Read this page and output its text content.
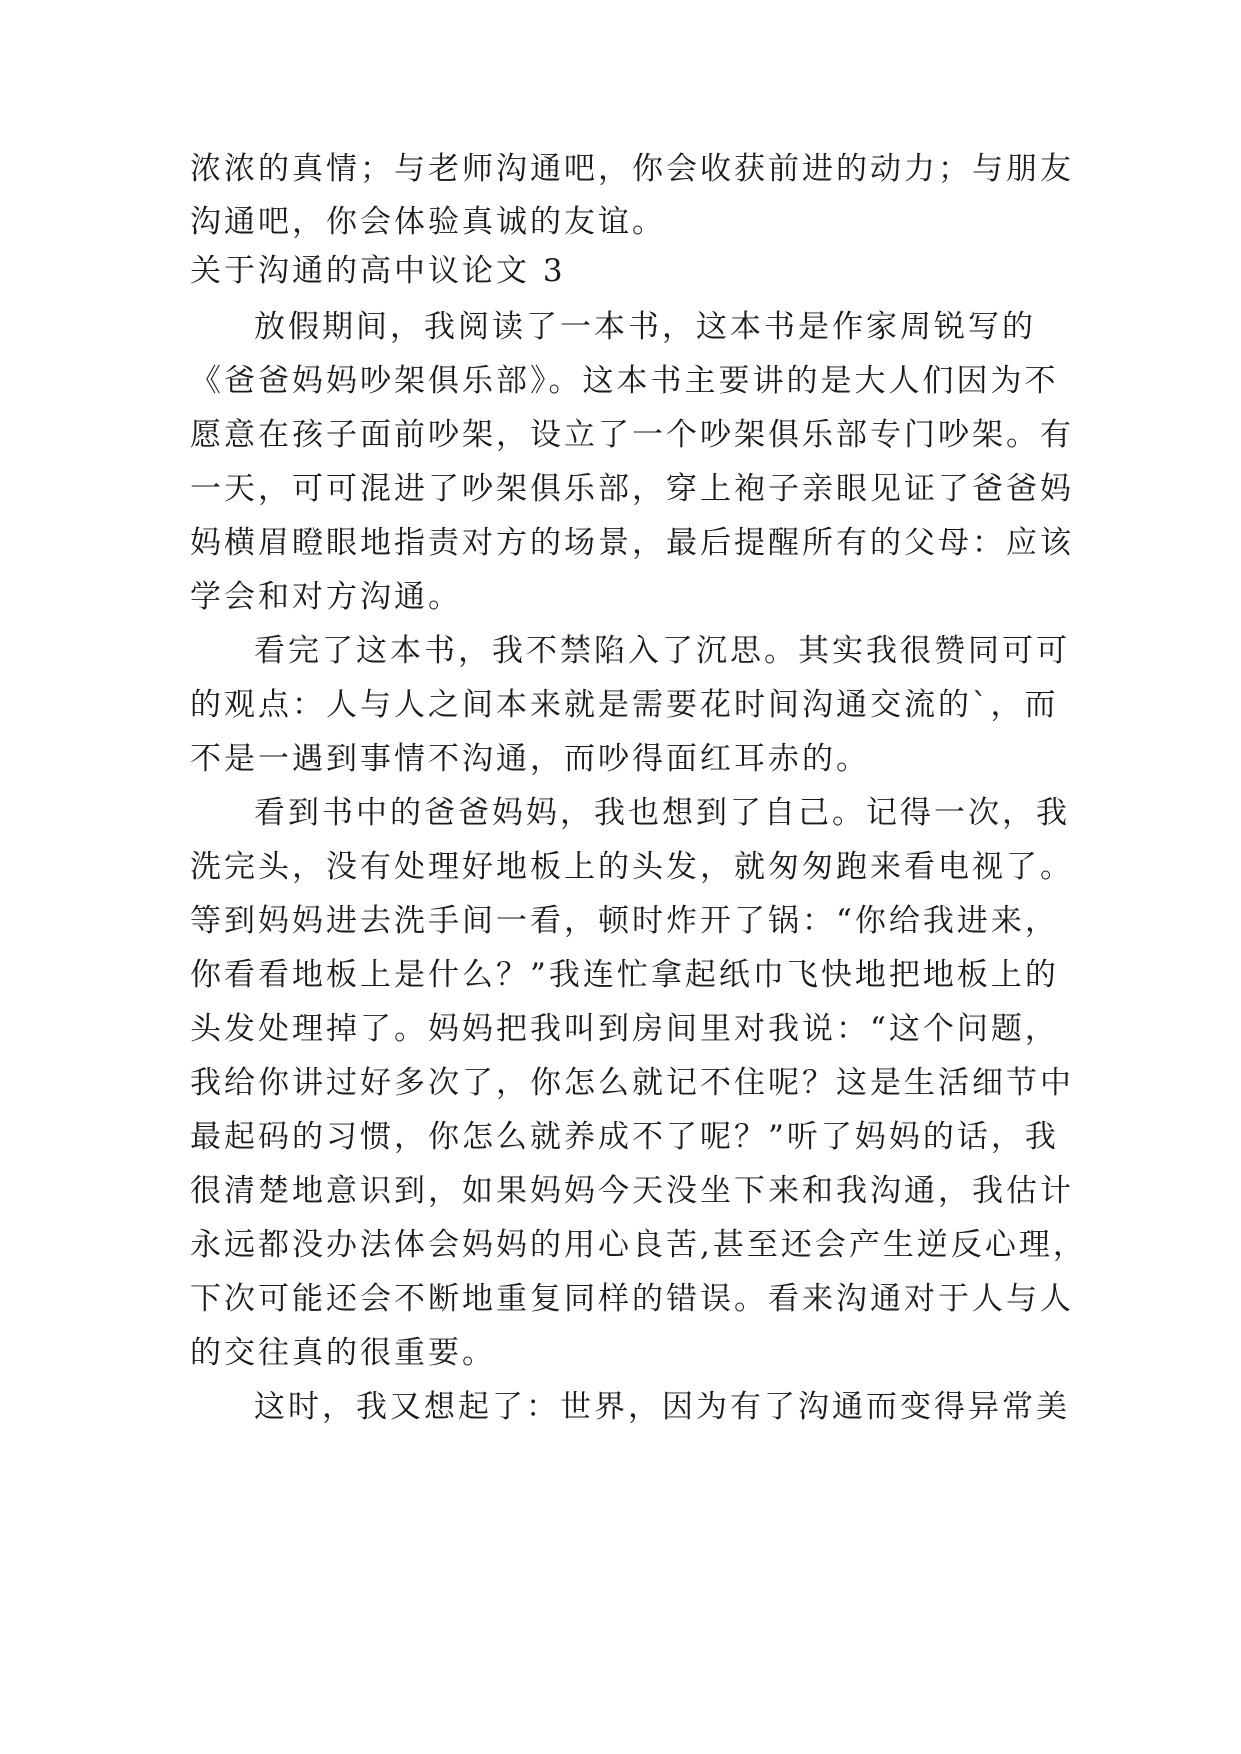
浓浓的真情；与老师沟通吧，你会收获前进的动力；与朋友
沟通吧，你会体验真诚的友谊。
关于沟通的高中议论文 3
放假期间，我阅读了一本书，这本书是作家周锐写的
《爸爸妈妈吵架俱乐部》。这本书主要讲的是大人们因为不
愿意在孩子面前吵架，设立了一个吵架俱乐部专门吵架。有
一天，可可混进了吵架俱乐部，穿上袍子亲眼见证了爸爸妈
妈横眉瞪眼地指责对方的场景，最后提醒所有的父母：应该
学会和对方沟通。
看完了这本书，我不禁陷入了沉思。其实我很赞同可可
的观点：人与人之间本来就是需要花时间沟通交流的`，而
不是一遇到事情不沟通，而吵得面红耳赤的。
看到书中的爸爸妈妈，我也想到了自己。记得一次，我
洗完头，没有处理好地板上的头发，就匆匆跑来看电视了。
等到妈妈进去洗手间一看，顿时炸开了锅：“你给我进来，
你看看地板上是什么？”我连忙拿起纸巾飞快地把地板上的
头发处理掉了。妈妈把我叫到房间里对我说：“这个问题，
我给你讲过好多次了，你怎么就记不住呢？这是生活细节中
最起码的习惯，你怎么就养成不了呢？”听了妈妈的话，我
很清楚地意识到，如果妈妈今天没坐下来和我沟通，我估计
永远都没办法体会妈妈的用心良苦,甚至还会产生逆反心理，
下次可能还会不断地重复同样的错误。看来沟通对于人与人
的交往真的很重要。
这时，我又想起了：世界，因为有了沟通而变得异常美
